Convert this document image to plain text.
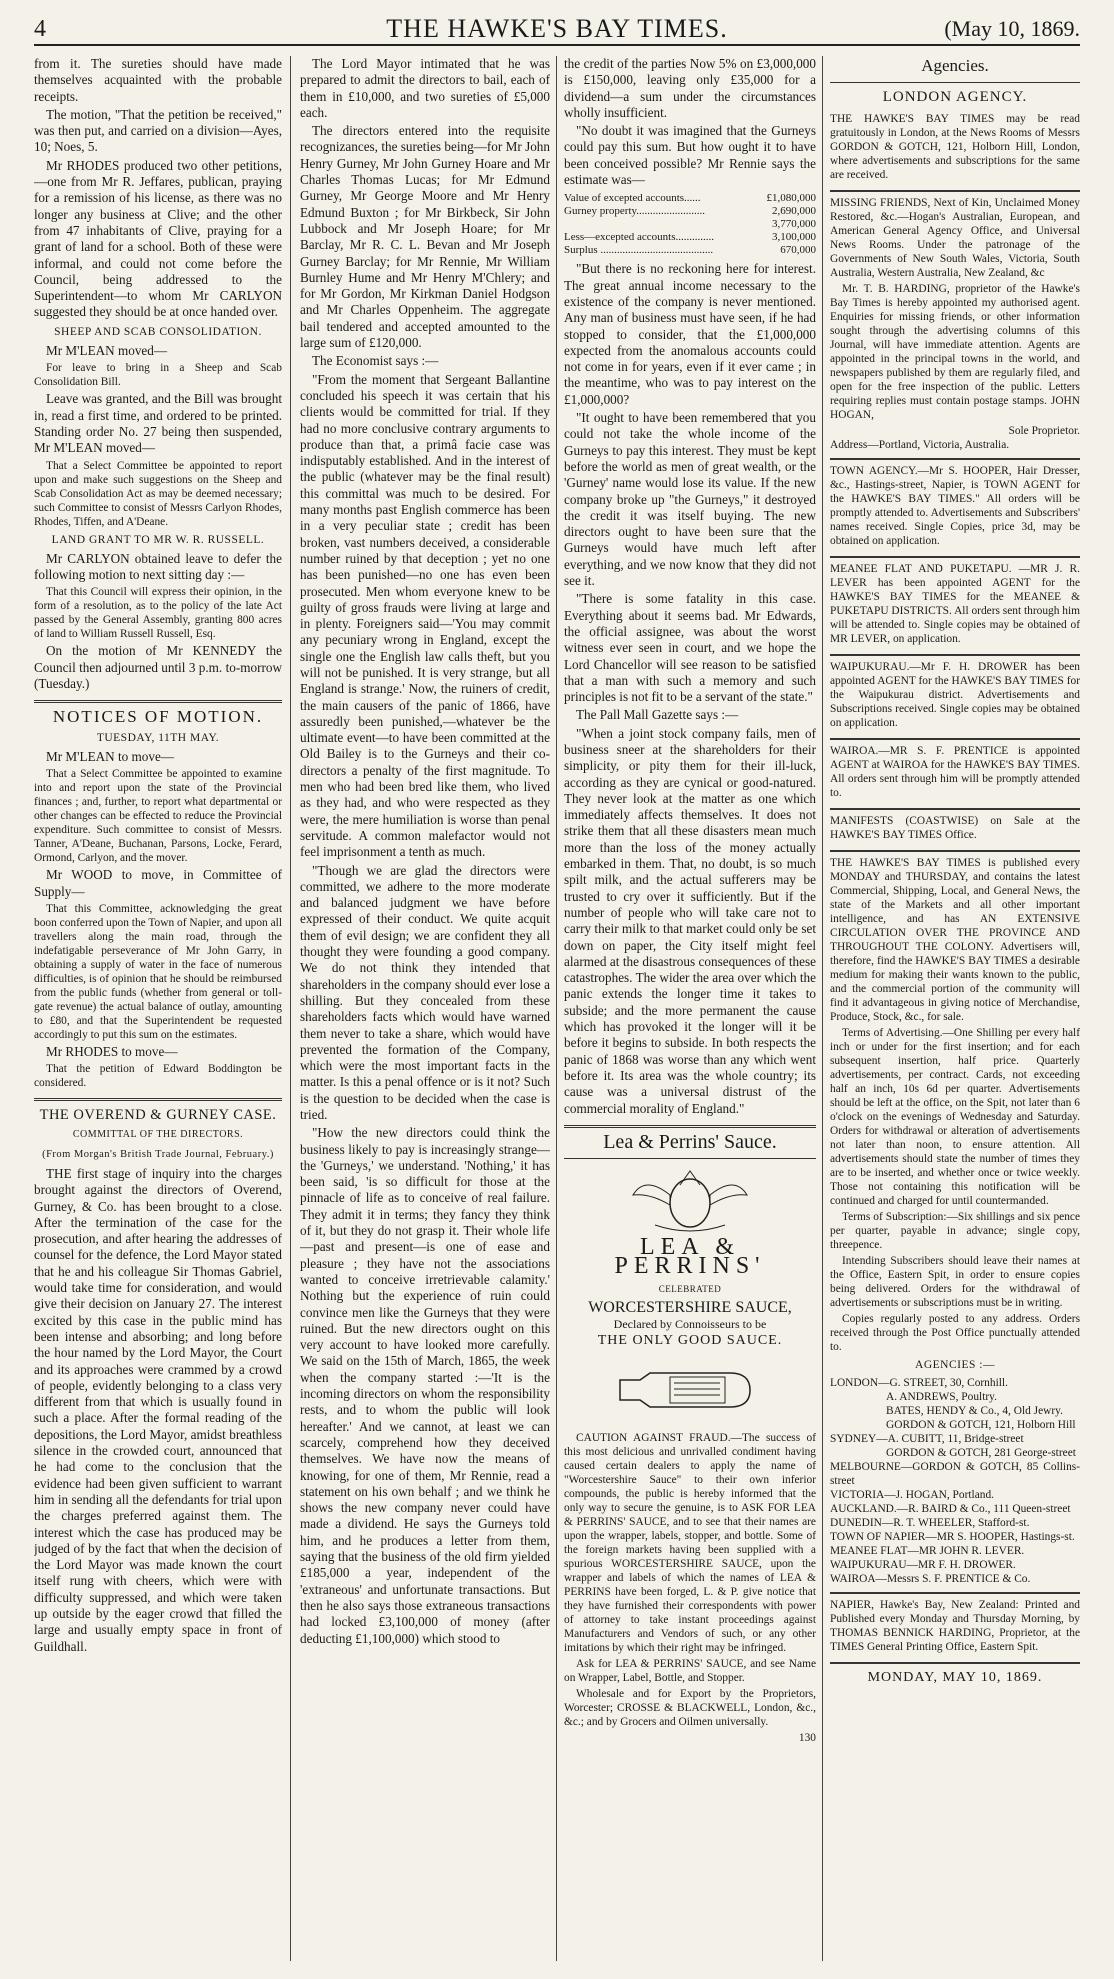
4	THE HAWKE'S BAY TIMES.	(May 10, 1869.

from it. The sureties should have made themselves acquainted with the probable receipts.

The motion, "That the petition be received," was then put, and carried on a division—Ayes, 10; Noes, 5.

Mr RHODES produced two other petitions,—one from Mr R. Jeffares, publican, praying for a remission of his license, as there was no longer any business at Clive; and the other from 47 inhabitants of Clive, praying for a grant of land for a school. Both of these were informal, and could not come before the Council, being addressed to the Superintendent—to whom Mr CARLYON suggested they should be at once handed over.

SHEEP AND SCAB CONSOLIDATION.

Mr M'LEAN moved—

For leave to bring in a Sheep and Scab Consolidation Bill.

Leave was granted, and the Bill was brought in, read a first time, and ordered to be printed. Standing order No. 27 being then suspended, Mr M'LEAN moved—

That a Select Committee be appointed to report upon and make such suggestions on the Sheep and Scab Consolidation Act as may be deemed necessary; such Committee to consist of Messrs Carlyon Rhodes, Rhodes, Tiffen, and A'Deane.

LAND GRANT TO MR W. R. RUSSELL.

Mr CARLYON obtained leave to defer the following motion to next sitting day :—

That this Council will express their opinion, in the form of a resolution, as to the policy of the late Act passed by the General Assembly, granting 800 acres of land to William Russell Russell, Esq.

On the motion of Mr KENNEDY the Council then adjourned until 3 p.m. to-morrow (Tuesday.)

NOTICES OF MOTION.
TUESDAY, 11TH MAY.

Mr M'LEAN to move—

That a Select Committee be appointed to examine into and report upon the state of the Provincial finances ; and, further, to report what departmental or other changes can be effected to reduce the Provincial expenditure. Such committee to consist of Messrs. Tanner, A'Deane, Buchanan, Parsons, Locke, Ferard, Ormond, Carlyon, and the mover.

Mr WOOD to move, in Committee of Supply—

That this Committee, acknowledging the great boon conferred upon the Town of Napier, and upon all travellers along the main road, through the indefatigable perseverance of Mr John Garry, in obtaining a supply of water in the face of numerous difficulties, is of opinion that he should be reimbursed from the public funds (whether from general or toll-gate revenue) the actual balance of outlay, amounting to £80, and that the Superintendent be requested accordingly to put this sum on the estimates.

Mr RHODES to move—

That the petition of Edward Boddington be considered.

THE OVEREND & GURNEY CASE.
COMMITTAL OF THE DIRECTORS.
(From Morgan's British Trade Journal, February.)

THE first stage of inquiry into the charges brought against the directors of Overend, Gurney, & Co. has been brought to a close. After the termination of the case for the prosecution, and after hearing the addresses of counsel for the defence, the Lord Mayor stated that he and his colleague Sir Thomas Gabriel, would take time for consideration, and would give their decision on January 27. The interest excited by this case in the public mind has been intense and absorbing; and long before the hour named by the Lord Mayor, the Court and its approaches were crammed by a crowd of people, evidently belonging to a class very different from that which is usually found in such a place. After the formal reading of the depositions, the Lord Mayor, amidst breathless silence in the crowded court, announced that he had come to the conclusion that the evidence had been given sufficient to warrant him in sending all the defendants for trial upon the charges preferred against them. The interest which the case has produced may be judged of by the fact that when the decision of the Lord Mayor was made known the court itself rung with cheers, which were with difficulty suppressed, and which were taken up outside by the eager crowd that filled the large and usually empty space in front of Guildhall.

The Lord Mayor intimated that he was prepared to admit the directors to bail, each of them in £10,000, and two sureties of £5,000 each.

The directors entered into the requisite recognizances, the sureties being—for Mr John Henry Gurney, Mr John Gurney Hoare and Mr Charles Thomas Lucas; for Mr Edmund Gurney, Mr George Moore and Mr Henry Edmund Buxton ; for Mr Birkbeck, Sir John Lubbock and Mr Joseph Hoare; for Mr Barclay, Mr R. C. L. Bevan and Mr Joseph Gurney Barclay; for Mr Rennie, Mr William Burnley Hume and Mr Henry M'Chlery; and for Mr Gordon, Mr Kirkman Daniel Hodgson and Mr Charles Oppenheim. The aggregate bail tendered and accepted amounted to the large sum of £120,000.

The Economist says :—

"From the moment that Sergeant Ballantine concluded his speech it was certain that his clients would be committed for trial. If they had no more conclusive contrary arguments to produce than that, a primâ facie case was indisputably established. And in the interest of the public (whatever may be the final result) this committal was much to be desired. For many months past English commerce has been in a very peculiar state ; credit has been broken, vast numbers deceived, a considerable number ruined by that deception ; yet no one has been punished—no one has even been prosecuted. Men whom everyone knew to be guilty of gross frauds were living at large and in plenty. Foreigners said—'You may commit any pecuniary wrong in England, except the single one the English law calls theft, but you will not be punished. It is very strange, but all England is strange.' Now, the ruiners of credit, the main causers of the panic of 1866, have assuredly been punished,—whatever be the ultimate event—to have been committed at the Old Bailey is to the Gurneys and their co-directors a penalty of the first magnitude. To men who had been bred like them, who lived as they had, and who were respected as they were, the mere humiliation is worse than penal servitude. A common malefactor would not feel imprisonment a tenth as much.

"Though we are glad the directors were committed, we adhere to the more moderate and balanced judgment we have before expressed of their conduct. We quite acquit them of evil design; we are confident they all thought they were founding a good company. We do not think they intended that shareholders in the company should ever lose a shilling. But they concealed from these shareholders facts which would have warned them never to take a share, which would have prevented the formation of the Company, which were the most important facts in the matter. Is this a penal offence or is it not? Such is the question to be decided when the case is tried.

"How the new directors could think the business likely to pay is increasingly strange—the 'Gurneys,' we understand. 'Nothing,' it has been said, 'is so difficult for those at the pinnacle of life as to conceive of real failure. They admit it in terms; they fancy they think of it, but they do not grasp it. Their whole life—past and present—is one of ease and pleasure ; they have not the associations wanted to conceive irretrievable calamity.' Nothing but the experience of ruin could convince men like the Gurneys that they were ruined. But the new directors ought on this very account to have looked more carefully. We said on the 15th of March, 1865, the week when the company started :—'It is the incoming directors on whom the responsibility rests, and to whom the public will look hereafter.' And we cannot, at least we can scarcely, comprehend how they deceived themselves. We have now the means of knowing, for one of them, Mr Rennie, read a statement on his own behalf ; and we think he shows the new company never could have made a dividend. He says the Gurneys told him, and he produces a letter from them, saying that the business of the old firm yielded £185,000 a year, independent of the 'extraneous' and unfortunate transactions. But then he also says those extraneous transactions had locked £3,100,000 of money (after deducting £1,100,000) which stood to

the credit of the parties Now 5% on £3,000,000 is £150,000, leaving only £35,000 for a dividend—a sum under the circumstances wholly insufficient.

"No doubt it was imagined that the Gurneys could pay this sum. But how ought it to have been conceived possible? Mr Rennie says the estimate was—

Value of excepted accounts......	£1,080,000
Gurney property.........................	2,690,000
3,770,000
Less—excepted accounts..............	3,100,000
Surplus .........................................	670,000

"But there is no reckoning here for interest. The great annual income necessary to the existence of the company is never mentioned. Any man of business must have seen, if he had stopped to consider, that the £1,000,000 expected from the anomalous accounts could not come in for years, even if it ever came ; in the meantime, who was to pay interest on the £1,000,000?

"It ought to have been remembered that you could not take the whole income of the Gurneys to pay this interest. They must be kept before the world as men of great wealth, or the 'Gurney' name would lose its value. If the new company broke up "the Gurneys," it destroyed the credit it was itself buying. The new directors ought to have been sure that the Gurneys would have much left after everything, and we now know that they did not see it.

"There is some fatality in this case. Everything about it seems bad. Mr Edwards, the official assignee, was about the worst witness ever seen in court, and we hope the Lord Chancellor will see reason to be satisfied that a man with such a memory and such principles is not fit to be a servant of the state."

The Pall Mall Gazette says :—

"When a joint stock company fails, men of business sneer at the shareholders for their simplicity, or pity them for their ill-luck, according as they are cynical or good-natured. They never look at the matter as one which immediately affects themselves. It does not strike them that all these disasters mean much more than the loss of the money actually embarked in them. That, no doubt, is so much spilt milk, and the actual sufferers may be trusted to cry over it sufficiently. But if the number of people who will take care not to carry their milk to that market could only be set down on paper, the City itself might feel alarmed at the disastrous consequences of these catastrophes. The wider the area over which the panic extends the longer time it takes to subside; and the more permanent the cause which has provoked it the longer will it be before it begins to subside. In both respects the panic of 1868 was worse than any which went before it. Its area was the whole country; its cause was a universal distrust of the commercial morality of England."

Lea & Perrins' Sauce.
LEA & PERRINS'
CELEBRATED
WORCESTERSHIRE SAUCE,
Declared by Connoisseurs to be
THE ONLY GOOD SAUCE.

CAUTION AGAINST FRAUD.—The success of this most delicious and unrivalled condiment having caused certain dealers to apply the name of "Worcestershire Sauce" to their own inferior compounds, the public is hereby informed that the only way to secure the genuine, is to ASK FOR LEA & PERRINS' SAUCE, and to see that their names are upon the wrapper, labels, stopper, and bottle. Some of the foreign markets having been supplied with a spurious WORCESTERSHIRE SAUCE, upon the wrapper and labels of which the names of LEA & PERRINS have been forged, L. & P. give notice that they have furnished their correspondents with power of attorney to take instant proceedings against Manufacturers and Vendors of such, or any other imitations by which their right may be infringed.

Ask for LEA & PERRINS' SAUCE, and see Name on Wrapper, Label, Bottle, and Stopper.

Wholesale and for Export by the Proprietors, Worcester; CROSSE & BLACKWELL, London, &c., &c.; and by Grocers and Oilmen universally.

130
Agencies.
LONDON AGENCY.

THE HAWKE'S BAY TIMES may be read gratuitously in London, at the News Rooms of Messrs GORDON & GOTCH, 121, Holborn Hill, London, where advertisements and subscriptions for the same are received.

MISSING FRIENDS, Next of Kin, Unclaimed Money Restored, &c.—Hogan's Australian, European, and American General Agency Office, and Universal News Rooms. Under the patronage of the Governments of New South Wales, Victoria, South Australia, Western Australia, New Zealand, &c

Mr. T. B. HARDING, proprietor of the Hawke's Bay Times is hereby appointed my authorised agent. Enquiries for missing friends, or other information sought through the advertising columns of this Journal, will have immediate attention. Agents are appointed in the principal towns in the world, and newspapers published by them are regularly filed, and open for the free inspection of the public. Letters requiring replies must contain postage stamps. JOHN HOGAN,

Sole Proprietor.
Address—Portland, Victoria, Australia.

TOWN AGENCY.—Mr S. HOOPER, Hair Dresser, &c., Hastings-street, Napier, is TOWN AGENT for the HAWKE'S BAY TIMES." All orders will be promptly attended to. Advertisements and Subscribers' names received. Single Copies, price 3d, may be obtained on application.

MEANEE FLAT AND PUKETAPU. —MR J. R. LEVER has been appointed AGENT for the HAWKE'S BAY TIMES for the MEANEE & PUKETAPU DISTRICTS. All orders sent through him will be attended to. Single copies may be obtained of MR LEVER, on application.

WAIPUKURAU.—Mr F. H. DROWER has been appointed AGENT for the HAWKE'S BAY TIMES for the Waipukurau district. Advertisements and Subscriptions received. Single copies may be obtained on application.

WAIROA.—MR S. F. PRENTICE is appointed AGENT at WAIROA for the HAWKE'S BAY TIMES. All orders sent through him will be promptly attended to.

MANIFESTS (COASTWISE) on Sale at the HAWKE'S BAY TIMES Office.

THE HAWKE'S BAY TIMES is published every MONDAY and THURSDAY, and contains the latest Commercial, Shipping, Local, and General News, the state of the Markets and all other important intelligence, and has AN EXTENSIVE CIRCULATION OVER THE PROVINCE AND THROUGHOUT THE COLONY. Advertisers will, therefore, find the HAWKE'S BAY TIMES a desirable medium for making their wants known to the public, and the commercial portion of the community will find it advantageous in giving notice of Merchandise, Produce, Stock, &c., for sale.

Terms of Advertising.—One Shilling per every half inch or under for the first insertion; and for each subsequent insertion, half price. Quarterly advertisements, per contract. Cards, not exceeding half an inch, 10s 6d per quarter. Advertisements should be left at the office, on the Spit, not later than 6 o'clock on the evenings of Wednesday and Saturday. Orders for withdrawal or alteration of advertisements not later than noon, to ensure attention. All advertisements should state the number of times they are to be inserted, and whether once or twice weekly. Those not containing this notification will be continued and charged for until countermanded.

Terms of Subscription:—Six shillings and six pence per quarter, payable in advance; single copy, threepence.

Intending Subscribers should leave their names at the Office, Eastern Spit, in order to ensure copies being delivered. Orders for the withdrawal of advertisements or subscriptions must be in writing.

Copies regularly posted to any address. Orders received through the Post Office punctually attended to.

AGENCIES :—
LONDON—G. STREET, 30, Cornhill.
A. ANDREWS, Poultry.
BATES, HENDY & Co., 4, Old Jewry.
GORDON & GOTCH, 121, Holborn Hill
SYDNEY—A. CUBITT, 11, Bridge-street
GORDON & GOTCH, 281 George-street
MELBOURNE—GORDON & GOTCH, 85 Collins-street
VICTORIA—J. HOGAN, Portland.
AUCKLAND.—R. BAIRD & Co., 111 Queen-street
DUNEDIN—R. T. WHEELER, Stafford-st.
TOWN OF NAPIER—MR S. HOOPER, Hastings-st.
MEANEE FLAT—MR JOHN R. LEVER.
WAIPUKURAU—MR F. H. DROWER.
WAIROA—Messrs S. F. PRENTICE & Co.

NAPIER, Hawke's Bay, New Zealand: Printed and Published every Monday and Thursday Morning, by THOMAS BENNICK HARDING, Proprietor, at the TIMES General Printing Office, Eastern Spit.

MONDAY, MAY 10, 1869.
